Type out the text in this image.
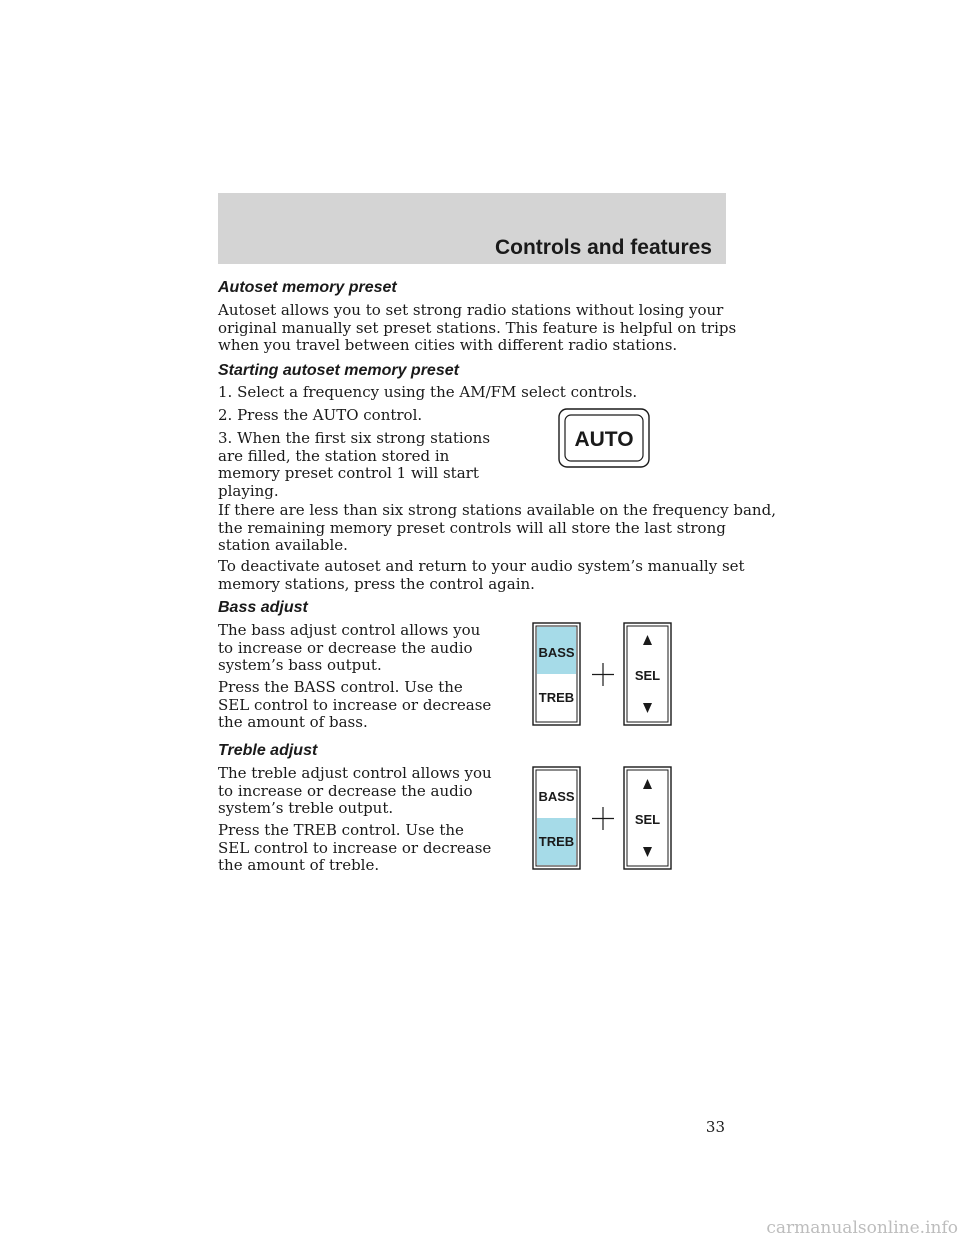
Controls and features
Autoset memory preset
Autoset allows you to set strong radio stations without losing your
original manually set preset stations. This feature is helpful on trips
when you travel between cities with different radio stations.
Starting autoset memory preset
1. Select a frequency using the AM/FM select controls.
2. Press the AUTO control.
3. When the first six strong stations
are filled, the station stored in
memory preset control 1 will start
playing.
AUTO
If there are less than six strong stations available on the frequency band,
the remaining memory preset controls will all store the last strong
station available.
To deactivate autoset and return to your audio system’s manually set
memory stations, press the control again.
Bass adjust
The bass adjust control allows you
to increase or decrease the audio
system’s bass output.
Press the BASS control. Use the
SEL control to increase or decrease
the amount of bass.
BASS
TREB
SEL
Treble adjust
The treble adjust control allows you
to increase or decrease the audio
system’s treble output.
Press the TREB control. Use the
SEL control to increase or decrease
the amount of treble.
BASS
TREB
SEL
33
carmanualsonline.info
